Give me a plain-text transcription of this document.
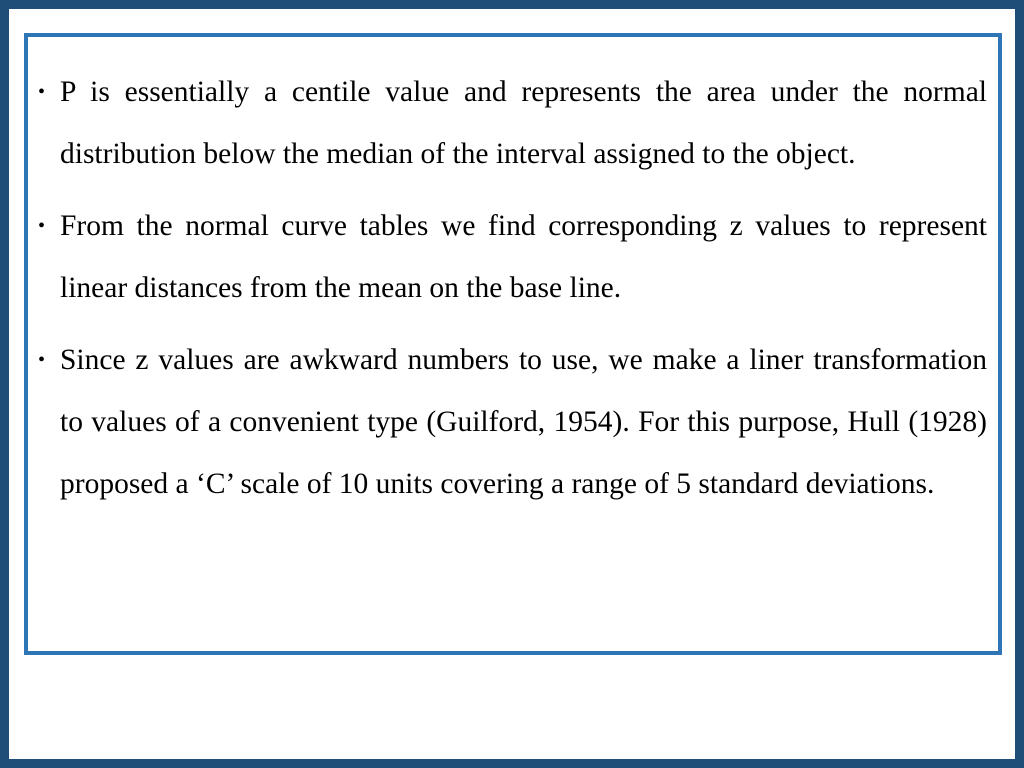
• P is essentially a centile value and represents the area under the normal distribution below the median of the interval assigned to the object.
• From the normal curve tables we find corresponding z values to represent linear distances from the mean on the base line.
• Since z values are awkward numbers to use, we make a liner transformation to values of a convenient type (Guilford, 1954). For this purpose, Hull (1928) proposed a ‘C’ scale of 10 units covering a range of 5 standard deviations.
